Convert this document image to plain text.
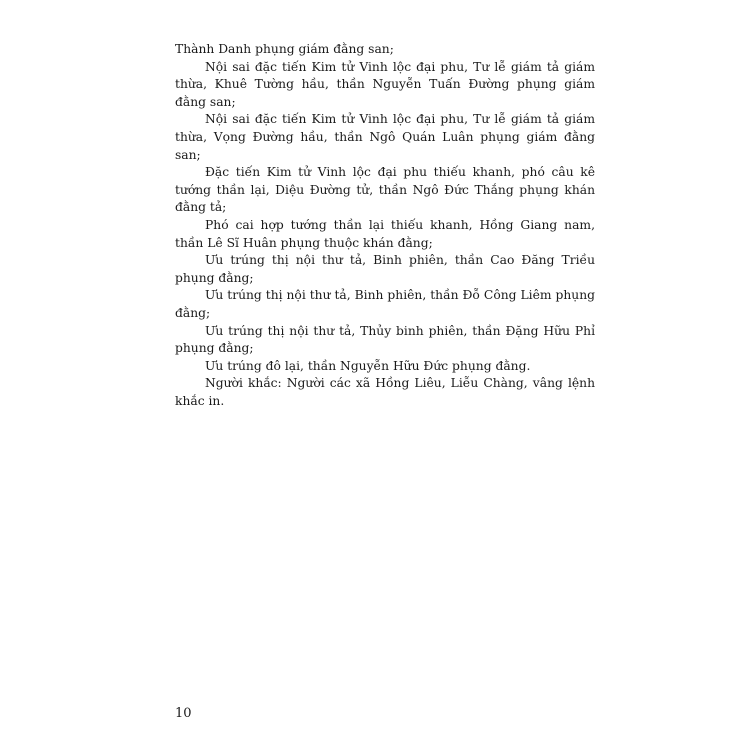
Thành Danh phụng giám đằng san;

Nội sai đặc tiến Kim tử Vinh lộc đại phu, Tư lễ giám tả giám thừa, Khuê Tường hầu, thần Nguyễn Tuấn Đường phụng giám đằng san;

Nội sai đặc tiến Kim tử Vinh lộc đại phu, Tư lễ giám tả giám thừa, Vọng Đường hầu, thần Ngô Quán Luân phụng giám đằng san;

Đặc tiến Kim tử Vinh lộc đại phu thiếu khanh, phó câu kê tướng thần lại, Diệu Đường tử, thần Ngô Đức Thắng phụng khán đằng tả;

Phó cai hợp tướng thần lại thiếu khanh, Hồng Giang nam, thần Lê Sĩ Huân phụng thuộc khán đằng;

Ưu trúng thị nội thư tả, Binh phiên, thần Cao Đăng Triều phụng đằng;

Ưu trúng thị nội thư tả, Binh phiên, thần Đỗ Công Liêm phụng đằng;

Ưu trúng thị nội thư tả, Thủy binh phiên, thần Đặng Hữu Phỉ phụng đằng;

Ưu trúng đô lại, thần Nguyễn Hữu Đức phụng đằng.

Người khắc: Người các xã Hồng Liêu, Liễu Chàng, vâng lệnh khắc in.

10
